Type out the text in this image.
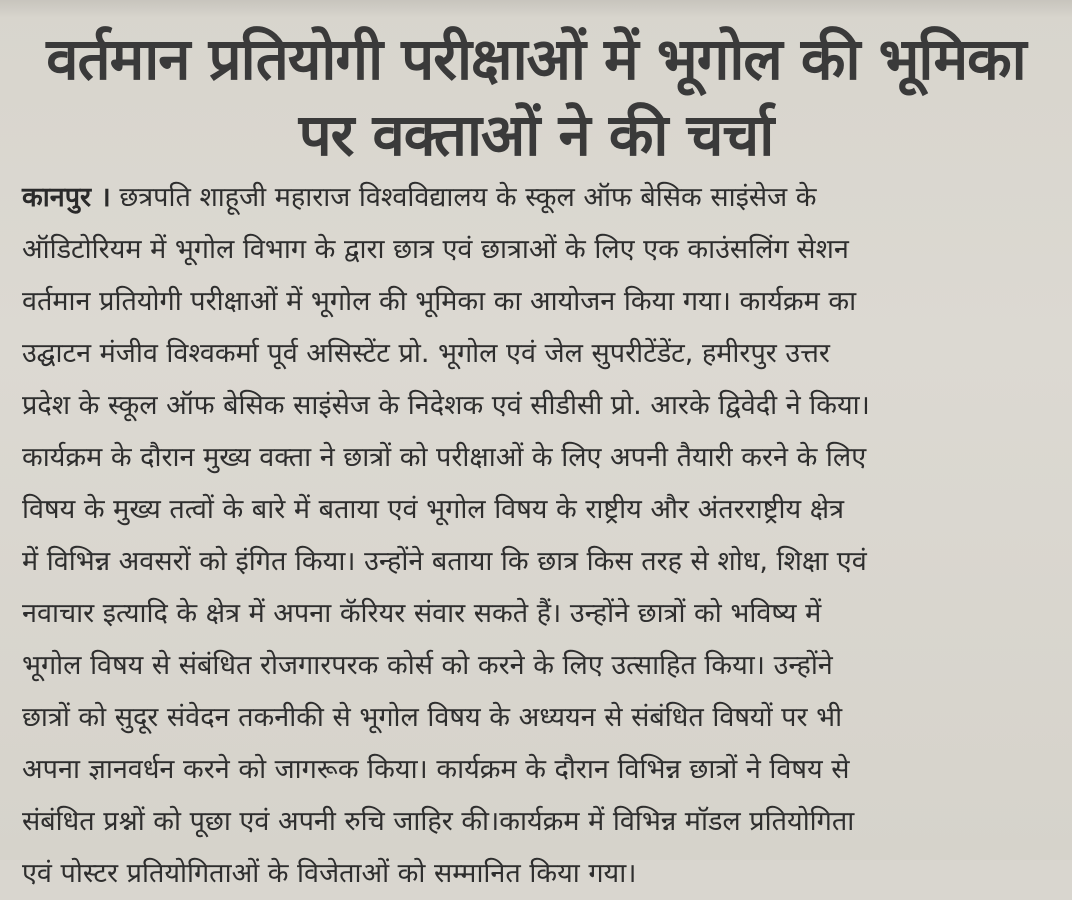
वर्तमान प्रतियोगी परीक्षाओं में भूगोल की भूमिका
पर वक्ताओं ने की चर्चा
कानपुर । छत्रपति शाहूजी महाराज विश्वविद्यालय के स्कूल ऑफ बेसिक साइंसेज के
ऑडिटोरियम में भूगोल विभाग के द्वारा छात्र एवं छात्राओं के लिए एक काउंसलिंग सेशन
वर्तमान प्रतियोगी परीक्षाओं में भूगोल की भूमिका का आयोजन किया गया। कार्यक्रम का
उद्घाटन मंजीव विश्वकर्मा पूर्व असिस्टेंट प्रो. भूगोल एवं जेल सुपरीटेंडेंट, हमीरपुर उत्तर
प्रदेश के स्कूल ऑफ बेसिक साइंसेज के निदेशक एवं सीडीसी प्रो. आरके द्विवेदी ने किया।
कार्यक्रम के दौरान मुख्य वक्ता ने छात्रों को परीक्षाओं के लिए अपनी तैयारी करने के लिए
विषय के मुख्य तत्वों के बारे में बताया एवं भूगोल विषय के राष्ट्रीय और अंतरराष्ट्रीय क्षेत्र
में विभिन्न अवसरों को इंगित किया। उन्होंने बताया कि छात्र किस तरह से शोध, शिक्षा एवं
नवाचार इत्यादि के क्षेत्र में अपना कॅरियर संवार सकते हैं। उन्होंने छात्रों को भविष्य में
भूगोल विषय से संबंधित रोजगारपरक कोर्स को करने के लिए उत्साहित किया। उन्होंने
छात्रों को सुदूर संवेदन तकनीकी से भूगोल विषय के अध्ययन से संबंधित विषयों पर भी
अपना ज्ञानवर्धन करने को जागरूक किया। कार्यक्रम के दौरान विभिन्न छात्रों ने विषय से
संबंधित प्रश्नों को पूछा एवं अपनी रुचि जाहिर की।कार्यक्रम में विभिन्न मॉडल प्रतियोगिता
एवं पोस्टर प्रतियोगिताओं के विजेताओं को सम्मानित किया गया।
